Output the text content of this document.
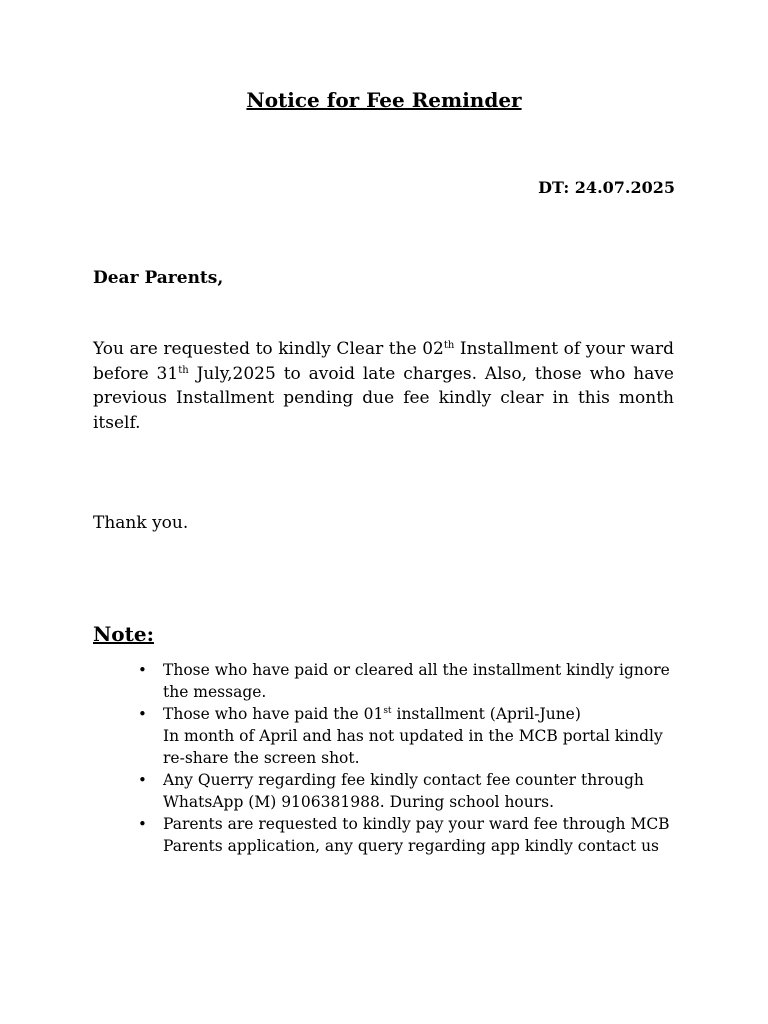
Notice for Fee Reminder
DT: 24.07.2025
Dear Parents,
You are requested to kindly Clear the 02th Installment of your ward before 31th July,2025 to avoid late charges. Also, those who have previous Installment pending due fee kindly clear in this month itself.
Thank you.
Note:
• Those who have paid or cleared all the installment kindly ignore the message.
• Those who have paid the 01st installment (April-June)
In month of April and has not updated in the MCB portal kindly re-share the screen shot.
• Any Querry regarding fee kindly contact fee counter through WhatsApp (M) 9106381988. During school hours.
• Parents are requested to kindly pay your ward fee through MCB Parents application, any query regarding app kindly contact us
